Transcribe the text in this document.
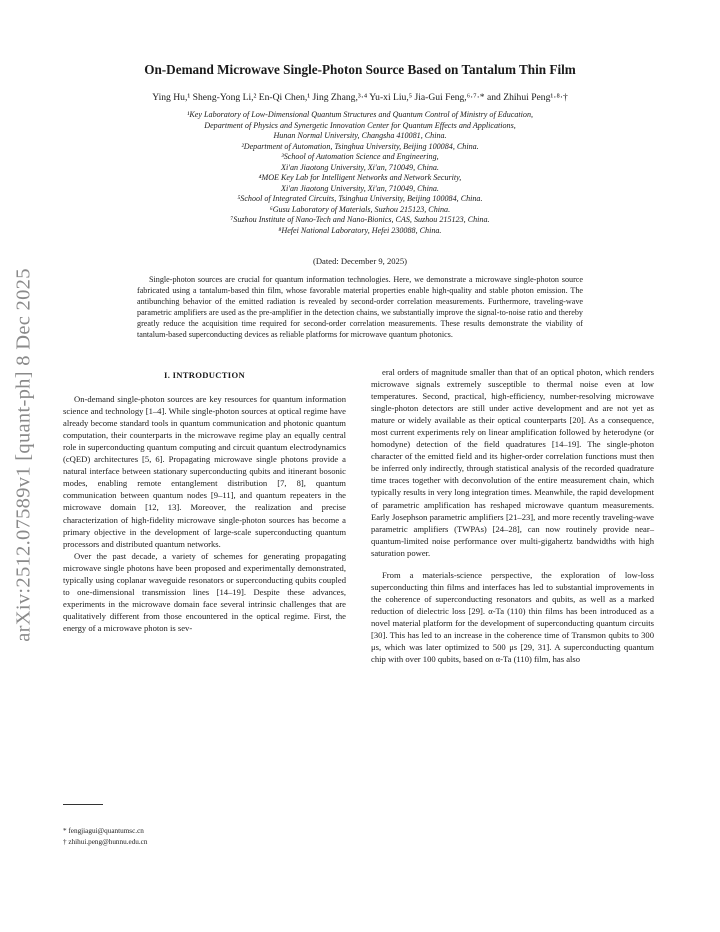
arXiv:2512.07589v1 [quant-ph] 8 Dec 2025
On-Demand Microwave Single-Photon Source Based on Tantalum Thin Film
Ying Hu,¹ Sheng-Yong Li,² En-Qi Chen,¹ Jing Zhang,³·⁴ Yu-xi Liu,⁵ Jia-Gui Feng,⁶·⁷·* and Zhihui Peng¹·⁸·†
¹Key Laboratory of Low-Dimensional Quantum Structures and Quantum Control of Ministry of Education,
Department of Physics and Synergetic Innovation Center for Quantum Effects and Applications,
Hunan Normal University, Changsha 410081, China.
²Department of Automation, Tsinghua University, Beijing 100084, China.
³School of Automation Science and Engineering,
Xi'an Jiaotong University, Xi'an, 710049, China.
⁴MOE Key Lab for Intelligent Networks and Network Security,
Xi'an Jiaotong University, Xi'an, 710049, China.
⁵School of Integrated Circuits, Tsinghua University, Beijing 100084, China.
⁶Gusu Laboratory of Materials, Suzhou 215123, China.
⁷Suzhou Institute of Nano-Tech and Nano-Bionics, CAS, Suzhou 215123, China.
⁸Hefei National Laboratory, Hefei 230088, China.
(Dated: December 9, 2025)

Single-photon sources are crucial for quantum information technologies. Here, we demonstrate a microwave single-photon source fabricated using a tantalum-based thin film, whose favorable material properties enable high-quality and stable photon emission. The antibunching behavior of the emitted radiation is revealed by second-order correlation measurements. Furthermore, traveling-wave parametric amplifiers are used as the pre-amplifier in the detection chains, we substantially improve the signal-to-noise ratio and thereby greatly reduce the acquisition time required for second-order correlation measurements. These results demonstrate the viability of tantalum-based superconducting devices as reliable platforms for microwave quantum photonics.

I. INTRODUCTION

On-demand single-photon sources are key resources for quantum information science and technology [1–4]. While single-photon sources at optical regime have already become standard tools in quantum communication and photonic quantum computation, their counterparts in the microwave regime play an equally central role in superconducting quantum computing and circuit quantum electrodynamics (cQED) architectures [5, 6]. Propagating microwave single photons provide a natural interface between stationary superconducting qubits and itinerant bosonic modes, enabling remote entanglement distribution [7, 8], quantum communication between quantum nodes [9–11], and quantum repeaters in the microwave domain [12, 13]. Moreover, the realization and precise characterization of high-fidelity microwave single-photon sources has become a primary objective in the development of large-scale superconducting quantum processors and distributed quantum networks.

Over the past decade, a variety of schemes for generating propagating microwave single photons have been proposed and experimentally demonstrated, typically using coplanar waveguide resonators or superconducting qubits coupled to one-dimensional transmission lines [14–19]. Despite these advances, experiments in the microwave domain face several intrinsic challenges that are qualitatively different from those encountered in the optical regime. First, the energy of a microwave photon is sev-

eral orders of magnitude smaller than that of an optical photon, which renders microwave signals extremely susceptible to thermal noise even at low temperatures. Second, practical, high-efficiency, number-resolving microwave single-photon detectors are still under active development and are not yet as mature or widely available as their optical counterparts [20]. As a consequence, most current experiments rely on linear amplification followed by heterodyne (or homodyne) detection of the field quadratures [14–19]. The single-photon character of the emitted field and its higher-order correlation functions must then be inferred only indirectly, through statistical analysis of the recorded quadrature time traces together with deconvolution of the entire measurement chain, which typically results in very long integration times. Meanwhile, the rapid development of parametric amplification has reshaped microwave quantum measurements. Early Josephson parametric amplifiers [21–23], and more recently traveling-wave parametric amplifiers (TWPAs) [24–28], can now routinely provide near–quantum-limited noise performance over multi-gigahertz bandwidths with high saturation power.

From a materials-science perspective, the exploration of low-loss superconducting thin films and interfaces has led to substantial improvements in the coherence of superconducting resonators and qubits, as well as a marked reduction of dielectric loss [29]. α-Ta (110) thin films has been introduced as a novel material platform for the development of superconducting quantum circuits [30]. This has led to an increase in the coherence time of Transmon qubits to 300 μs, which was later optimized to 500 μs [29, 31]. A superconducting quantum chip with over 100 qubits, based on α-Ta (110) film, has also

* fengjiagui@quantumsc.cn
† zhihui.peng@hunnu.edu.cn
